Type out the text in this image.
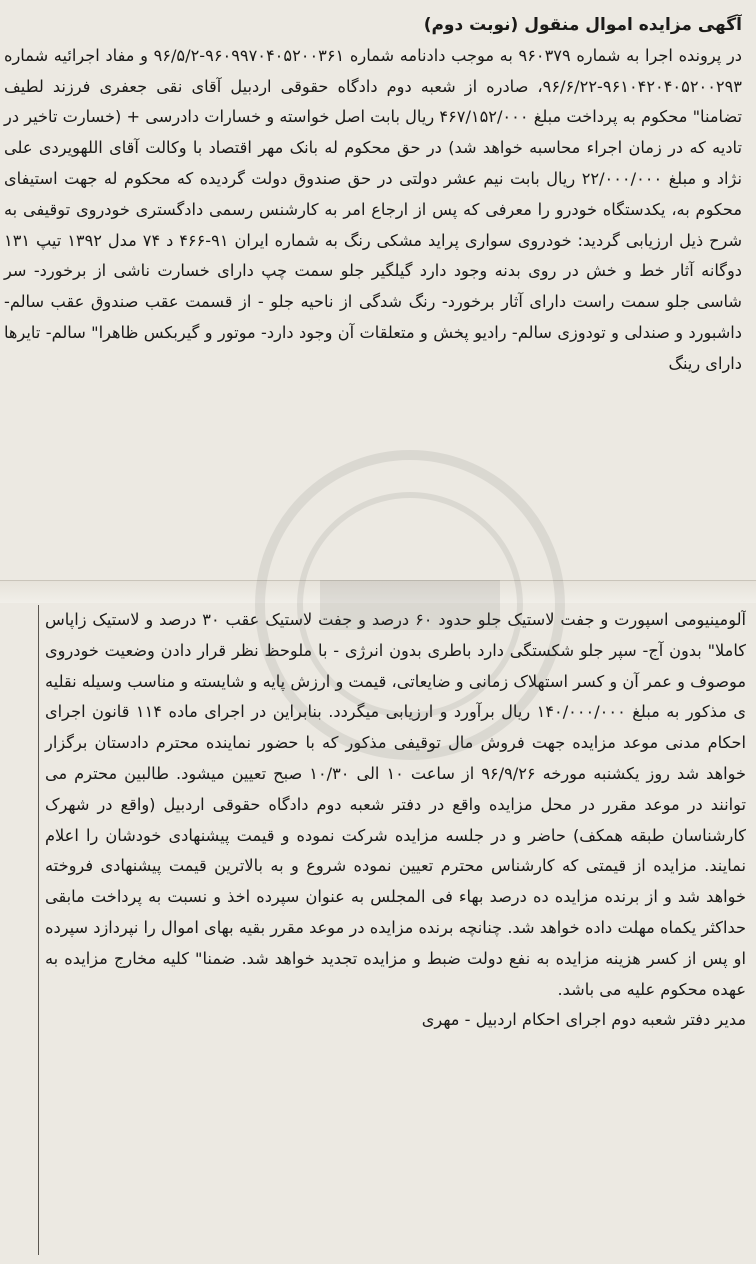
آگهی مزایده اموال منقول (نوبت دوم)
در پرونده اجرا به شماره ۹۶۰۳۷۹ به موجب دادنامه شماره ۹۶۰۹۹۷۰۴۰۵۲۰۰۳۶۱-۹۶/۵/۲ و مفاد اجرائیه شماره ۹۶۱۰۴۲۰۴۰۵۲۰۰۲۹۳-۹۶/۶/۲۲، صادره از شعبه دوم دادگاه حقوقی اردبیل آقای نقی جعفری فرزند لطیف تضامنا" محکوم به پرداخت مبلغ ۴۶۷/۱۵۲/۰۰۰ ریال بابت اصل خواسته و خسارات دادرسی + (خسارت تاخیر در تادیه که در زمان اجراء محاسبه خواهد شد) در حق محکوم له بانک مهر اقتصاد با وکالت آقای اللهویردی علی نژاد و مبلغ ۲۲/۰۰۰/۰۰۰ ریال بابت نیم عشر دولتی در حق صندوق دولت گردیده که محکوم له جهت استیفای محکوم به، یکدستگاه خودرو را معرفی که پس از ارجاع امر به کارشنس رسمی دادگستری خودروی توقیفی به شرح ذیل ارزیابی گردید: خودروی سواری پراید مشکی رنگ به شماره ایران ۹۱-۴۶۶ د ۷۴ مدل ۱۳۹۲ تیپ ۱۳۱ دوگانه آثار خط و خش در روی بدنه وجود دارد گیلگیر جلو سمت چپ دارای خسارت ناشی از برخورد- سر شاسی جلو سمت راست دارای آثار برخورد- رنگ شدگی از ناحیه جلو - از قسمت عقب صندوق عقب سالم- داشبورد و صندلی و تودوزی سالم- رادیو پخش و متعلقات آن وجود دارد- موتور و گیربکس ظاهرا" سالم- تایرها دارای رینگ
آلومینیومی اسپورت و جفت لاستیک جلو حدود ۶۰ درصد و جفت لاستیک عقب ۳۰ درصد و لاستیک زاپاس کاملا" بدون آج- سپر جلو شکستگی دارد باطری بدون انرژی - با ملوحظ نظر قرار دادن وضعیت خودروی موصوف و عمر آن و کسر استهلاک زمانی و ضایعاتی، قیمت و ارزش پایه و شایسته و مناسب وسیله نقلیه ی مذکور به مبلغ ۱۴۰/۰۰۰/۰۰۰ ریال برآورد و ارزیابی میگردد. بنابراین در اجرای ماده ۱۱۴ قانون اجرای احکام مدنی موعد مزایده جهت فروش مال توقیفی مذکور که با حضور نماینده محترم دادستان برگزار خواهد شد روز یکشنبه مورخه ۹۶/۹/۲۶ از ساعت ۱۰ الی ۱۰/۳۰ صبح تعیین میشود. طالبین محترم می توانند در موعد مقرر در محل مزایده واقع در دفتر شعبه دوم دادگاه حقوقی اردبیل (واقع در شهرک کارشناسان طبقه همکف) حاضر و در جلسه مزایده شرکت نموده و قیمت پیشنهادی خودشان را اعلام نمایند. مزایده از قیمتی که کارشناس محترم تعیین نموده شروع و به بالاترین قیمت پیشنهادی فروخته خواهد شد و از برنده مزایده ده درصد بهاء فی المجلس به عنوان سپرده اخذ و نسبت به پرداخت مابقی حداکثر یکماه مهلت داده خواهد شد. چنانچه برنده مزایده در موعد مقرر بقیه بهای اموال را نپردازد سپرده او پس از کسر هزینه مزایده به نفع دولت ضبط و مزایده تجدید خواهد شد. ضمنا" کلیه مخارج مزایده به عهده محکوم علیه می باشد.
مدیر دفتر شعبه دوم اجرای احکام اردبیل - مهری
